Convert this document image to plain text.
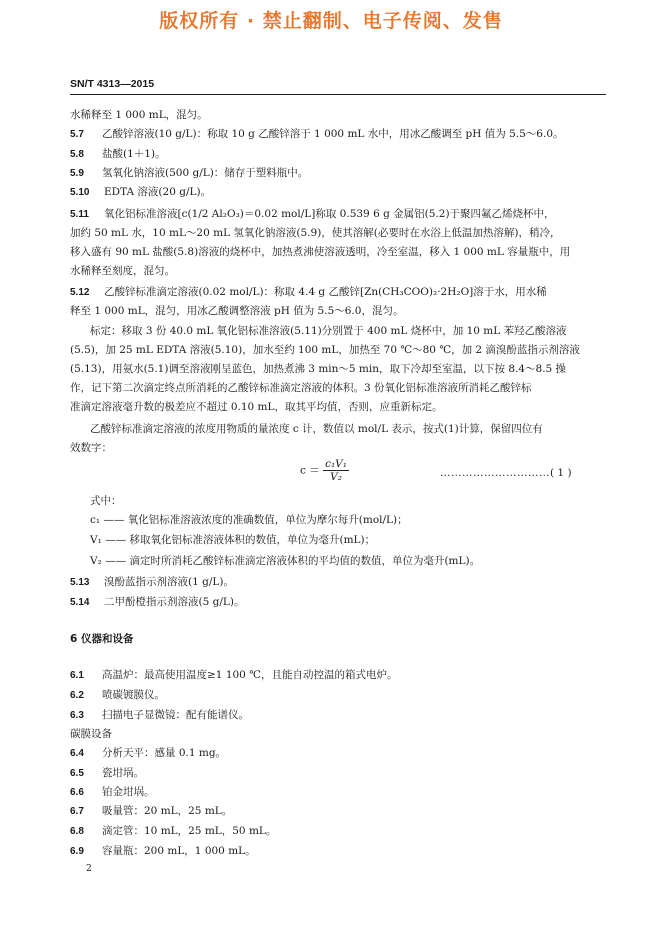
版权所有 · 禁止翻制、电子传阅、发售
SN/T 4313—2015
水稀释至 1 000 mL，混匀。
5.7 乙酸锌溶液(10 g/L)：称取 10 g 乙酸锌溶于 1 000 mL 水中，用冰乙酸调至 pH 值为 5.5～6.0。
5.8 盐酸(1＋1)。
5.9 氢氧化钠溶液(500 g/L)：储存于塑料瓶中。
5.10 EDTA 溶液(20 g/L)。
5.11 氧化铝标准溶液[c(1/2 Al₂O₃)＝0.02 mol/L]称取 0.539 6 g 金属铝(5.2)于聚四氟乙烯烧杯中，
加约 50 mL 水，10 mL～20 mL 氢氧化钠溶液(5.9)，使其溶解(必要时在水浴上低温加热溶解)，稍冷，
移入盛有 90 mL 盐酸(5.8)溶液的烧杯中，加热煮沸使溶液透明，冷至室温，移入 1 000 mL 容量瓶中，用
水稀释至刻度，混匀。
5.12 乙酸锌标准滴定溶液(0.02 mol/L)：称取 4.4 g 乙酸锌[Zn(CH₃COO)₂·2H₂O]溶于水，用水稀
释至 1 000 mL，混匀，用冰乙酸调整溶液 pH 值为 5.5～6.0，混匀。
标定：移取 3 份 40.0 mL 氧化铝标准溶液(5.11)分别置于 400 mL 烧杯中，加 10 mL 苯羟乙酸溶液
(5.5)，加 25 mL EDTA 溶液(5.10)，加水至约 100 mL，加热至 70 ℃～80 ℃，加 2 滴溴酚蓝指示剂溶液
(5.13)，用氨水(5.1)调至溶液刚呈蓝色，加热煮沸 3 min～5 min，取下冷却至室温，以下按 8.4～8.5 操
作，记下第二次滴定终点所消耗的乙酸锌标准滴定溶液的体积。3 份氧化铝标准溶液所消耗乙酸锌标
准滴定溶液毫升数的极差应不超过 0.10 mL，取其平均值，否则，应重新标定。
乙酸锌标准滴定溶液的浓度用物质的量浓度 c 计，数值以 mol/L 表示，按式(1)计算，保留四位有
效数字：
$c = \frac{\text{c₁V₁}}{\text{V₂}}$	…………………………( 1 )
式中：
c₁ —— 氧化铝标准溶液浓度的准确数值，单位为摩尔每升(mol/L)；
V₁ —— 移取氧化铝标准溶液体积的数值，单位为毫升(mL)；
V₂ —— 滴定时所消耗乙酸锌标准滴定溶液体积的平均值的数值，单位为毫升(mL)。
5.13 溴酚蓝指示剂溶液(1 g/L)。
5.14 二甲酚橙指示剂溶液(5 g/L)。
6 仪器和设备
6.1 高温炉：最高使用温度≥1 100 ℃，且能自动控温的箱式电炉。
6.2 喷碳镀膜仪。
6.3 扫描电子显微镜：配有能谱仪。
碳膜设备
6.4 分析天平：感量 0.1 mg。
6.5 瓷坩埚。
6.6 铂金坩埚。
6.7 吸量管：20 mL，25 mL。
6.8 滴定管：10 mL，25 mL，50 mL。
6.9 容量瓶：200 mL，1 000 mL。
2
